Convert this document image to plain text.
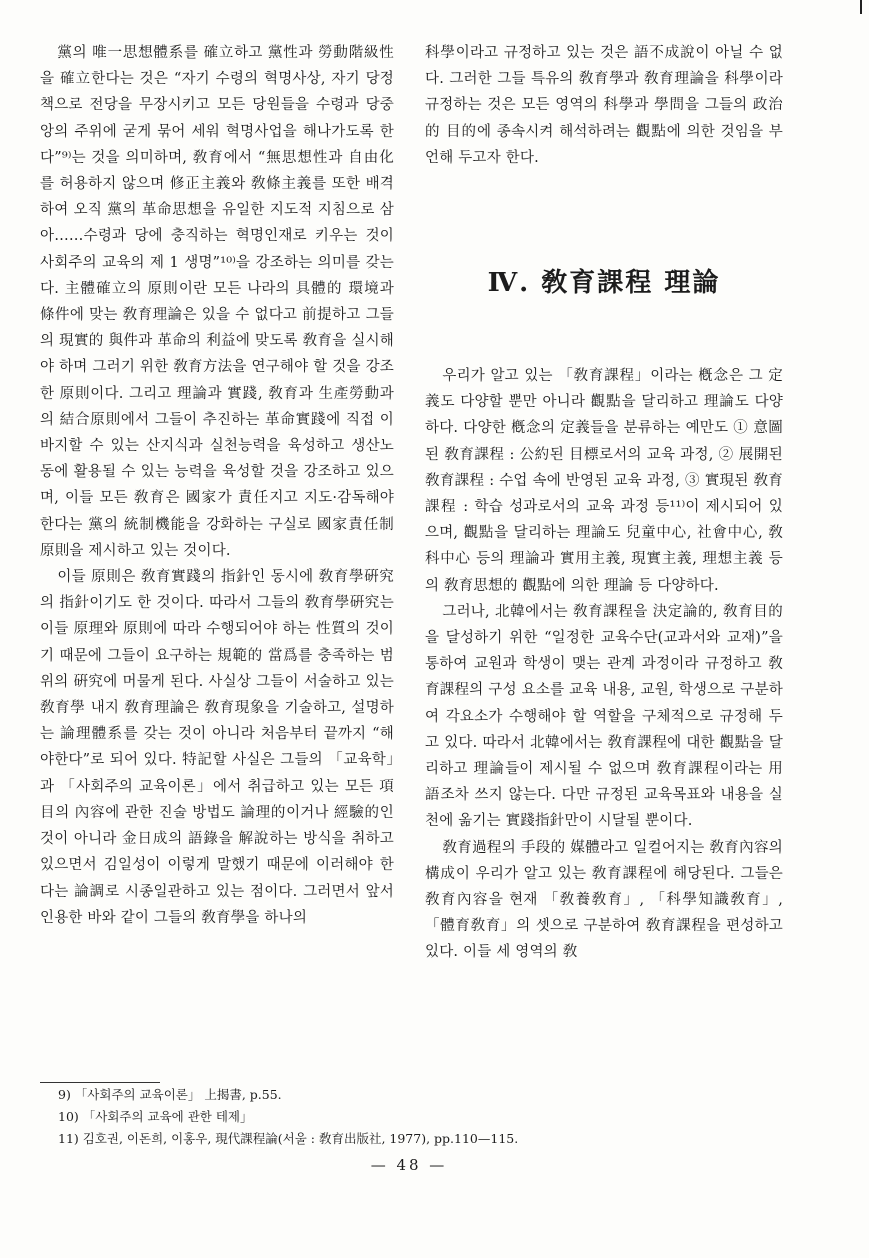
黨의 唯一思想體系를 確立하고 黨性과 勞動階級性을 確立한다는 것은 “자기 수령의 혁명사상, 자기 당정책으로 전당을 무장시키고 모든 당원들을 수령과 당중앙의 주위에 굳게 묶어 세워 혁명사업을 해나가도록 한다”⁹⁾는 것을 의미하며, 敎育에서 “無思想性과 自由化를 허용하지 않으며 修正主義와 敎條主義를 또한 배격하여 오직 黨의 革命思想을 유일한 지도적 지침으로 삼아……수령과 당에 충직하는 혁명인재로 키우는 것이 사회주의 교육의 제 1 생명”¹⁰⁾을 강조하는 의미를 갖는다. 主體確立의 原則이란 모든 나라의 具體的 環境과 條件에 맞는 敎育理論은 있을 수 없다고 前提하고 그들의 現實的 與件과 革命의 利益에 맞도록 敎育을 실시해야 하며 그러기 위한 敎育方法을 연구해야 할 것을 강조한 原則이다. 그리고 理論과 實踐, 敎育과 生產勞動과의 結合原則에서 그들이 추진하는 革命實踐에 직접 이바지할 수 있는 산지식과 실천능력을 육성하고 생산노동에 활용될 수 있는 능력을 육성할 것을 강조하고 있으며, 이들 모든 敎育은 國家가 責任지고 지도·감독해야 한다는 黨의 統制機能을 강화하는 구실로 國家責任制 原則을 제시하고 있는 것이다.

이들 原則은 敎育實踐의 指針인 동시에 敎育學硏究의 指針이기도 한 것이다. 따라서 그들의 敎育學硏究는 이들 原理와 原則에 따라 수행되어야 하는 性質의 것이기 때문에 그들이 요구하는 規範的 當爲를 충족하는 범위의 硏究에 머물게 된다. 사실상 그들이 서술하고 있는 敎育學 내지 敎育理論은 敎育現象을 기술하고, 설명하는 論理體系를 갖는 것이 아니라 처음부터 끝까지 “해야한다”로 되어 있다. 特記할 사실은 그들의 「교육학」과 「사회주의 교육이론」에서 취급하고 있는 모든 項目의 內容에 관한 진술 방법도 論理的이거나 經驗的인 것이 아니라 金日成의 語錄을 解說하는 방식을 취하고 있으면서 김일성이 이렇게 말했기 때문에 이러해야 한다는 論調로 시종일관하고 있는 점이다. 그러면서 앞서 인용한 바와 같이 그들의 敎育學을 하나의

科學이라고 규정하고 있는 것은 語不成說이 아닐 수 없다. 그러한 그들 특유의 敎育學과 敎育理論을 科學이라 규정하는 것은 모든 영역의 科學과 學問을 그들의 政治的 目的에 종속시켜 해석하려는 觀點에 의한 것임을 부언해 두고자 한다.

Ⅳ. 敎育課程 理論

우리가 알고 있는 「敎育課程」이라는 槪念은 그 定義도 다양할 뿐만 아니라 觀點을 달리하고 理論도 다양하다. 다양한 槪念의 定義들을 분류하는 예만도 ① 意圖된 敎育課程 : 公約된 目標로서의 교육 과정, ② 展開된 敎育課程 : 수업 속에 반영된 교육 과정, ③ 實現된 敎育課程 : 학습 성과로서의 교육 과정 등¹¹⁾이 제시되어 있으며, 觀點을 달리하는 理論도 兒童中心, 社會中心, 敎科中心 등의 理論과 實用主義, 現實主義, 理想主義 등의 敎育思想的 觀點에 의한 理論 등 다양하다.

그러나, 北韓에서는 敎育課程을 決定論的, 敎育目的을 달성하기 위한 “일정한 교육수단(교과서와 교재)”을 통하여 교원과 학생이 맺는 관계 과정이라 규정하고 敎育課程의 구성 요소를 교육 내용, 교원, 학생으로 구분하여 각요소가 수행해야 할 역할을 구체적으로 규정해 두고 있다. 따라서 北韓에서는 敎育課程에 대한 觀點을 달리하고 理論들이 제시될 수 없으며 敎育課程이라는 用語조차 쓰지 않는다. 다만 규정된 교육목표와 내용을 실천에 옮기는 實踐指針만이 시달될 뿐이다.

敎育過程의 手段的 媒體라고 일컬어지는 敎育內容의 構成이 우리가 알고 있는 敎育課程에 해당된다. 그들은 敎育內容을 현재 「敎養敎育」, 「科學知識敎育」, 「體育敎育」의 셋으로 구분하여 敎育課程을 편성하고 있다. 이들 세 영역의 敎

9) 「사회주의 교육이론」 上揭書, p.55.
10) 「사회주의 교육에 관한 테제」
11) 김호권, 이돈희, 이홍우, 現代課程論(서울 : 敎育出版社, 1977), pp.110—115.
— 48 —
